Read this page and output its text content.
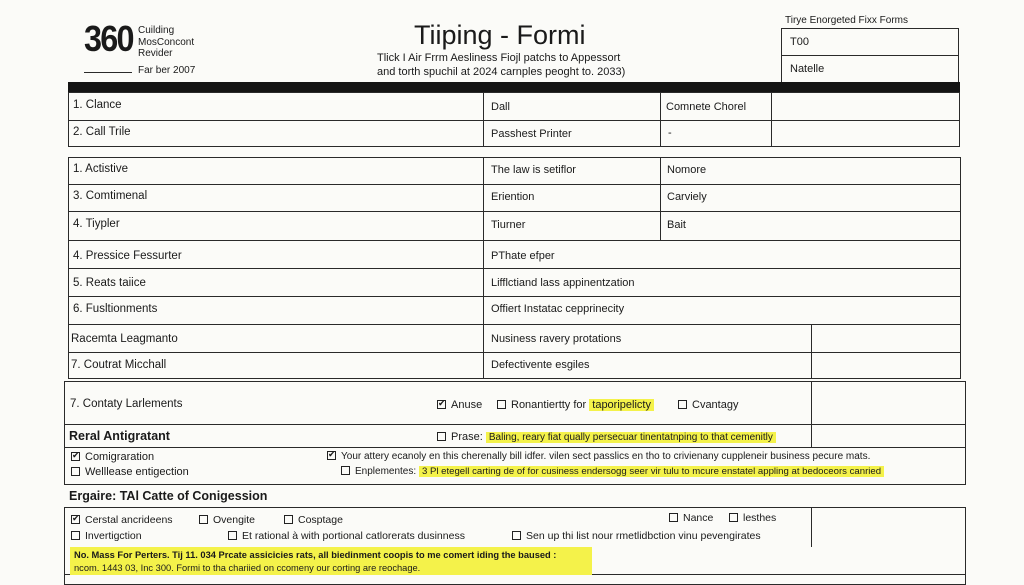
360 Cuilding
MosConcont
Revider
Far ber 2007
Tiiping - Formi
Tlick I Air Frrm Aesliness Fiojl patchs to Appessort
and torth spuchil at 2024 carnples peoght to. 2033)
Tirye Enorgeted Fixx Forms
T00
Natelle
1. Clance	Dall	Comnete Chorel
2. Call Trile	Passhest Printer	-
1. Actistive	The law is setiflor	Nomore
3. Comtimenal	Eriention	Carviely
4. Tiypler	Tiurner	Bait
4. Pressice Fessurter	PThate efper
5. Reats taiice	Lifflctiand lass appinentzation
6. Fusltionments	Offiert Instatac cepprinecity
Racemta Leagmanto	Nusiness ravery protations
7. Coutrat Micchall	Defectivente esgiles
7. Contaty Larlements
✔	Anuse	Ronantiertty for taporipelicty	Cvantagy
Reral Antigratant	Prase: Baling, reary fiat qually persecuar tinentatnping to that cemenitly
✔Comigraration
Welllease entigection
✔Your attery ecanoly en this cherenally bill idfer. vilen sect passlics en tho to crivienany cuppleneir business pecure mats.
Enplementes: 3 Pl etegell carting de of for cusiness endersogg seer vir tulu to mcure enstatel appling at bedoceors canried
Ergaire: TAl Catte of Conigession
✔Cerstal ancrideens	Ovengite	Cosptage	Nance	lesthes
Invertigction	Et rational à with portional catlorerats dusinness	Sen up thi list nour rmetlidbction vinu pevengirates
No. Mass For Perters. Tij 11. 034 Prcate assicicies rats, all biedinment coopis to me comert iding the baused :
ncom. 1443 03, Inc 300. Formi to tha chariied on ccomeny our corting are reochage.
